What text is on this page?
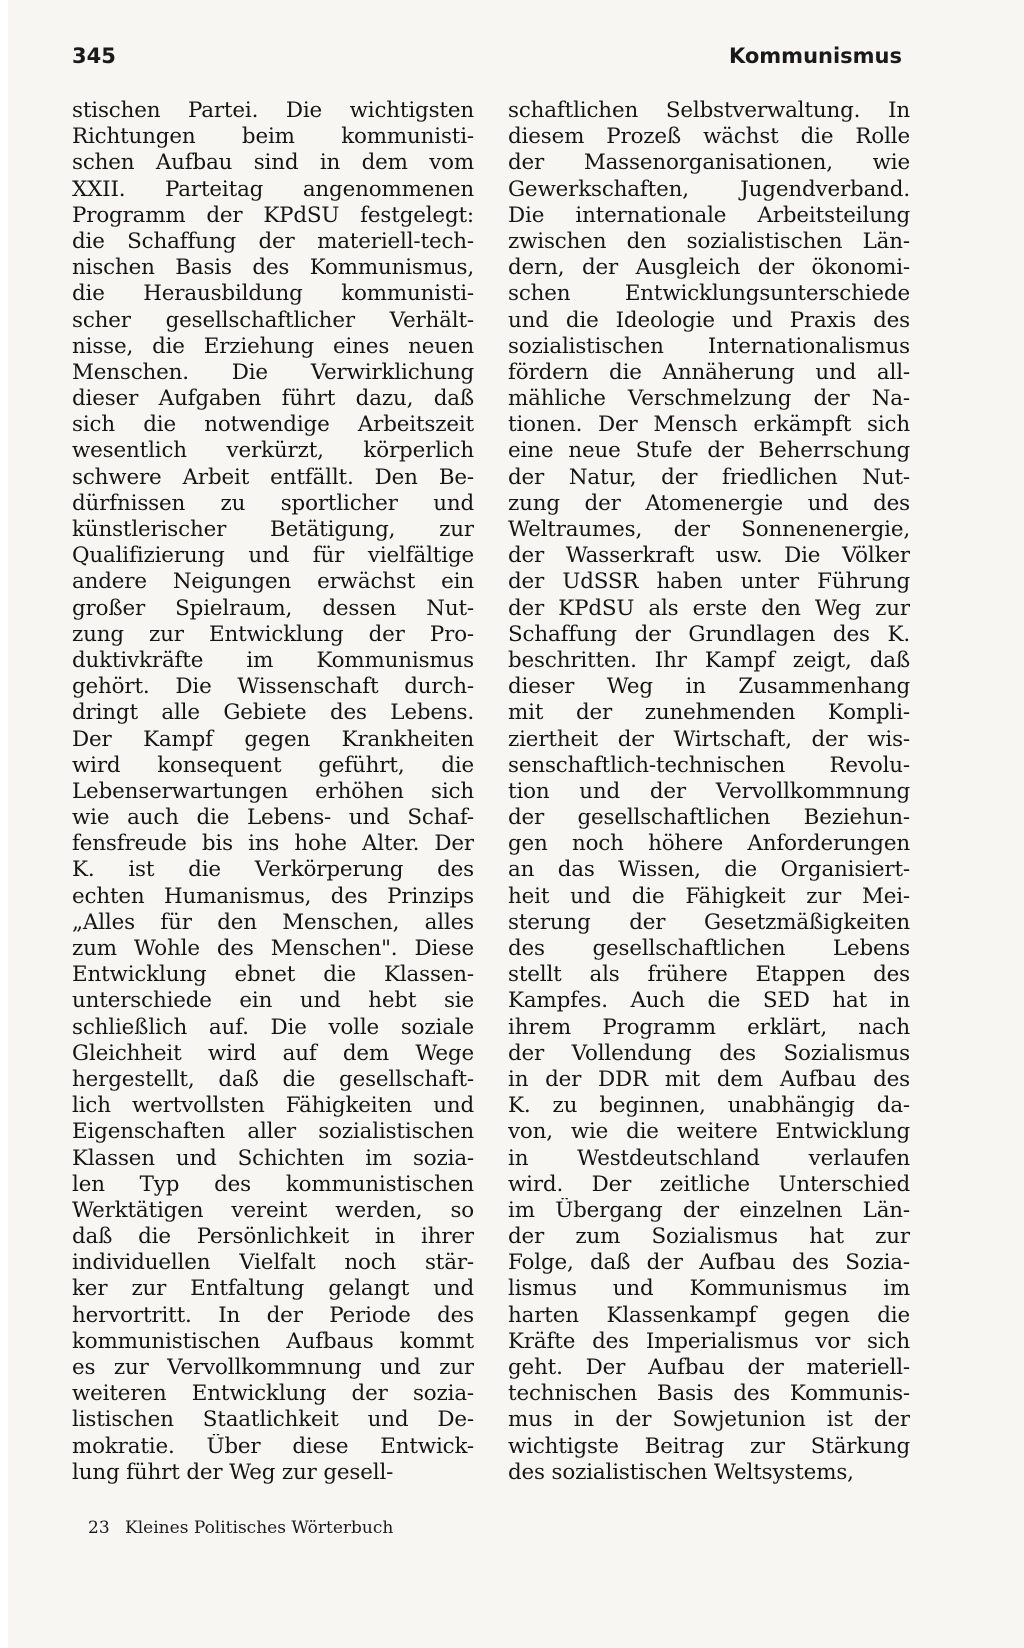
345	Kommunismus
stischen Partei. Die wichtigsten
Richtungen beim kommunisti-
schen Aufbau sind in dem vom
XXII. Parteitag angenommenen
Programm der KPdSU festgelegt:
die Schaffung der materiell-tech-
nischen Basis des Kommunismus,
die Herausbildung kommunisti-
scher gesellschaftlicher Verhält-
nisse, die Erziehung eines neuen
Menschen. Die Verwirklichung
dieser Aufgaben führt dazu, daß
sich die notwendige Arbeitszeit
wesentlich verkürzt, körperlich
schwere Arbeit entfällt. Den Be-
dürfnissen zu sportlicher und
künstlerischer Betätigung, zur
Qualifizierung und für vielfältige
andere Neigungen erwächst ein
großer Spielraum, dessen Nut-
zung zur Entwicklung der Pro-
duktivkräfte im Kommunismus
gehört. Die Wissenschaft durch-
dringt alle Gebiete des Lebens.
Der Kampf gegen Krankheiten
wird konsequent geführt, die
Lebenserwartungen erhöhen sich
wie auch die Lebens- und Schaf-
fensfreude bis ins hohe Alter. Der
K. ist die Verkörperung des
echten Humanismus, des Prinzips
„Alles für den Menschen, alles
zum Wohle des Menschen". Diese
Entwicklung ebnet die Klassen-
unterschiede ein und hebt sie
schließlich auf. Die volle soziale
Gleichheit wird auf dem Wege
hergestellt, daß die gesellschaft-
lich wertvollsten Fähigkeiten und
Eigenschaften aller sozialistischen
Klassen und Schichten im sozia-
len Typ des kommunistischen
Werktätigen vereint werden, so
daß die Persönlichkeit in ihrer
individuellen Vielfalt noch stär-
ker zur Entfaltung gelangt und
hervortritt. In der Periode des
kommunistischen Aufbaus kommt
es zur Vervollkommnung und zur
weiteren Entwicklung der sozia-
listischen Staatlichkeit und De-
mokratie. Über diese Entwick-
lung führt der Weg zur gesell-
schaftlichen Selbstverwaltung. In
diesem Prozeß wächst die Rolle
der Massenorganisationen, wie
Gewerkschaften, Jugendverband.
Die internationale Arbeitsteilung
zwischen den sozialistischen Län-
dern, der Ausgleich der ökonomi-
schen Entwicklungsunterschiede
und die Ideologie und Praxis des
sozialistischen Internationalismus
fördern die Annäherung und all-
mähliche Verschmelzung der Na-
tionen. Der Mensch erkämpft sich
eine neue Stufe der Beherrschung
der Natur, der friedlichen Nut-
zung der Atomenergie und des
Weltraumes, der Sonnenenergie,
der Wasserkraft usw. Die Völker
der UdSSR haben unter Führung
der KPdSU als erste den Weg zur
Schaffung der Grundlagen des K.
beschritten. Ihr Kampf zeigt, daß
dieser Weg in Zusammenhang
mit der zunehmenden Kompli-
ziertheit der Wirtschaft, der wis-
senschaftlich-technischen Revolu-
tion und der Vervollkommnung
der gesellschaftlichen Beziehun-
gen noch höhere Anforderungen
an das Wissen, die Organisiert-
heit und die Fähigkeit zur Mei-
sterung der Gesetzmäßigkeiten
des gesellschaftlichen Lebens
stellt als frühere Etappen des
Kampfes. Auch die SED hat in
ihrem Programm erklärt, nach
der Vollendung des Sozialismus
in der DDR mit dem Aufbau des
K. zu beginnen, unabhängig da-
von, wie die weitere Entwicklung
in Westdeutschland verlaufen
wird. Der zeitliche Unterschied
im Übergang der einzelnen Län-
der zum Sozialismus hat zur
Folge, daß der Aufbau des Sozia-
lismus und Kommunismus im
harten Klassenkampf gegen die
Kräfte des Imperialismus vor sich
geht. Der Aufbau der materiell-
technischen Basis des Kommunis-
mus in der Sowjetunion ist der
wichtigste Beitrag zur Stärkung
des sozialistischen Weltsystems,
23 Kleines Politisches Wörterbuch
